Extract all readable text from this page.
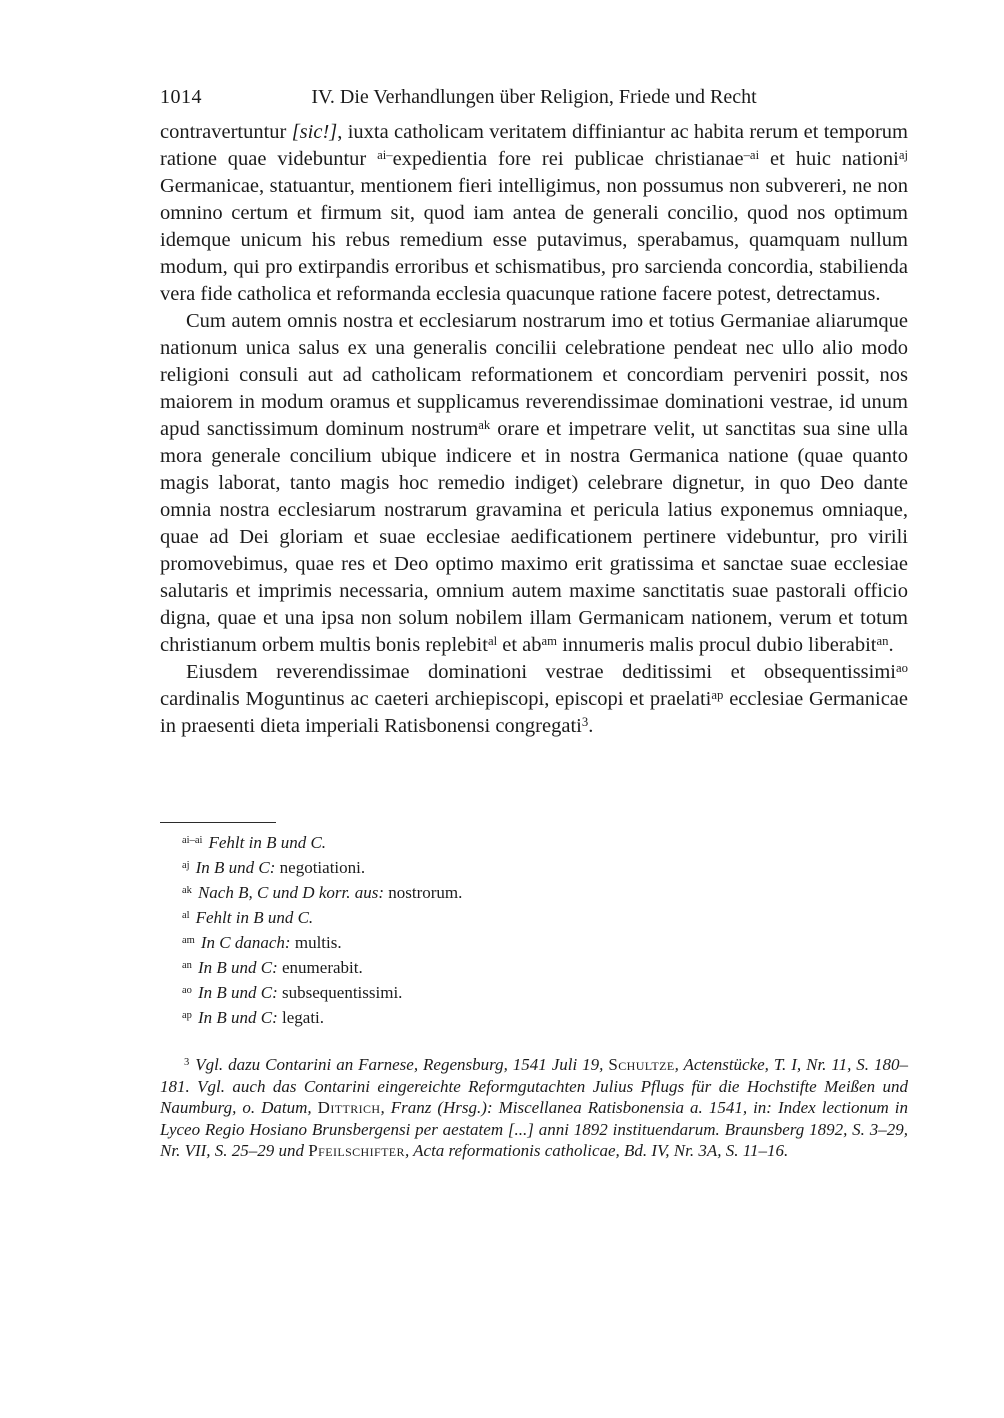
1014	IV. Die Verhandlungen über Religion, Friede und Recht

contravertuntur [sic!], iuxta catholicam veritatem diffiniantur ac habita rerum et temporum ratione quae videbuntur $^{ai-}$expedientia fore rei publicae christianae$^{-ai}$ et huic nationi$^{aj}$ Germanicae, statuantur, mentionem fieri intelligimus, non possumus non subvereri, ne non omnino certum et firmum sit, quod iam antea de generali concilio, quod nos optimum idemque unicum his rebus remedium esse putavimus, sperabamus, quamquam nullum modum, qui pro extirpandis erroribus et schismatibus, pro sarcienda concordia, stabilienda vera fide catholica et reformanda ecclesia quacunque ratione facere potest, detrectamus.

Cum autem omnis nostra et ecclesiarum nostrarum imo et totius Germaniae aliarumque nationum unica salus ex una generalis concilii celebratione pendeat nec ullo alio modo religioni consuli aut ad catholicam reformationem et concordiam perveniri possit, nos maiorem in modum oramus et supplicamus reverendissimae dominationi vestrae, id unum apud sanctissimum dominum nostrum$^{ak}$ orare et impetrare velit, ut sanctitas sua sine ulla mora generale concilium ubique indicere et in nostra Germanica natione (quae quanto magis laborat, tanto magis hoc remedio indiget) celebrare dignetur, in quo Deo dante omnia nostra ecclesiarum nostrarum gravamina et pericula latius exponemus omniaque, quae ad Dei gloriam et suae ecclesiae aedificationem pertinere videbuntur, pro virili promovebimus, quae res et Deo optimo maximo erit gratissima et sanctae suae ecclesiae salutaris et imprimis necessaria, omnium autem maxime sanctitatis suae pastorali officio digna, quae et una ipsa non solum nobilem illam Germanicam nationem, verum et totum christianum orbem multis bonis replebit$^{al}$ et $ab^{am}$ innumeris malis procul dubio liberabit$^{an}$.

Eiusdem reverendissimae dominationi vestrae deditissimi et obsequentissimi$^{ao}$ cardinalis Moguntinus ac caeteri archiepiscopi, episcopi et praelati$^{ap}$ ecclesiae Germanicae in praesenti dieta imperiali Ratisbonensi congregati$^3$.

$^{ai-ai}$ Fehlt in B und C.
$^{aj}$ In B und C: negotiationi.
$^{ak}$ Nach B, C und D korr. aus: nostrorum.
$^{al}$ Fehlt in B und C.
$^{am}$ In C danach: multis.
$^{an}$ In B und C: enumerabit.
$^{ao}$ In B und C: subsequentissimi.
$^{ap}$ In B und C: legati.

$^3$ Vgl. dazu Contarini an Farnese, Regensburg, 1541 Juli 19, Schultze, Actenstücke, T. I, Nr. 11, S. 180–181. Vgl. auch das Contarini eingereichte Reformgutachten Julius Pflugs für die Hochstifte Meißen und Naumburg, o. Datum, Dittrich, Franz (Hrsg.): Miscellanea Ratisbonensia a. 1541, in: Index lectionum in Lyceo Regio Hosiano Brunsbergensi per aestatem [...] anni 1892 instituendarum. Braunsberg 1892, S. 3–29, Nr. VII, S. 25–29 und Pfeilschifter, Acta reformationis catholicae, Bd. IV, Nr. 3A, S. 11–16.
